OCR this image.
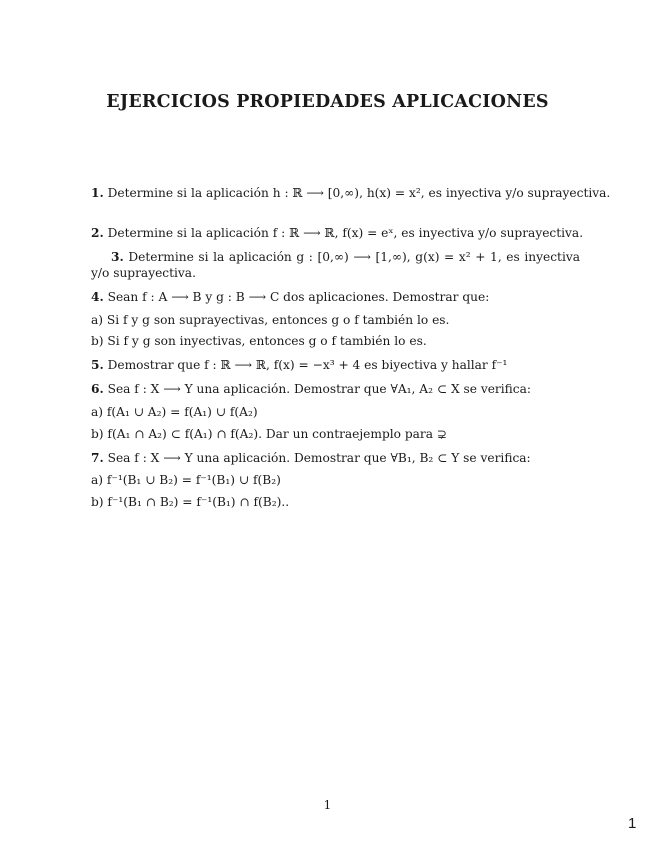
EJERCICIOS PROPIEDADES APLICACIONES
1. Determine si la aplicación h : ℝ ⟶ [0,∞), h(x) = x², es inyectiva y/o suprayectiva.
2. Determine si la aplicación f : ℝ ⟶ ℝ, f(x) = eˣ, es inyectiva y/o suprayectiva.
3. Determine si la aplicación g : [0,∞) ⟶ [1,∞), g(x) = x² + 1, es inyectiva y/o suprayectiva.
4. Sean f : A ⟶ B y g : B ⟶ C dos aplicaciones. Demostrar que:
a) Si f y g son suprayectivas, entonces g o f también lo es.
b) Si f y g son inyectivas, entonces g o f también lo es.
5. Demostrar que f : ℝ ⟶ ℝ, f(x) = −x³ + 4 es biyectiva y hallar f⁻¹
6. Sea f : X ⟶ Y una aplicación. Demostrar que ∀A₁, A₂ ⊂ X se verifica:
a) f(A₁ ∪ A₂) = f(A₁) ∪ f(A₂)
b) f(A₁ ∩ A₂) ⊂ f(A₁) ∩ f(A₂). Dar un contraejemplo para ⊋
7. Sea f : X ⟶ Y una aplicación. Demostrar que ∀B₁, B₂ ⊂ Y se verifica:
a) f⁻¹(B₁ ∪ B₂) = f⁻¹(B₁) ∪ f(B₂)
b) f⁻¹(B₁ ∩ B₂) = f⁻¹(B₁) ∩ f(B₂)..
1
1
